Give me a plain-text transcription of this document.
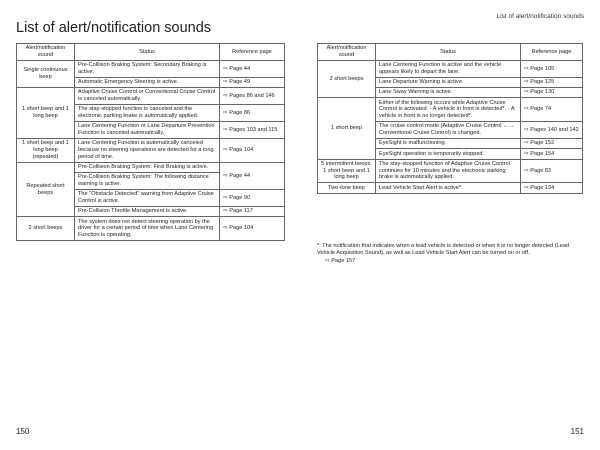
List of alert/notification sounds
List of alert/notification sounds
Alert/notification sound	Status	Reference page
Single continuous beep	Pre-Collision Braking System: Secondary Braking is active.	⇨ Page 44
	Automatic Emergency Steering is active.	⇨ Page 49
1 short beep and 1 long beep	Adaptive Cruise Control or Conventional Cruise Control is canceled automatically.	⇨ Pages 86 and 146
	The stay-stopped function is canceled and the electronic parking brake is automatically applied.	⇨ Page 86
	Lane Centering Function or Lane Departure Prevention Function is canceled automatically.	⇨ Pages 103 and 115
1 short beep and 1 long beep (repeated)	Lane Centering Function is automatically canceled because no steering operations are detected for a long period of time.	⇨ Page 104
Repeated short beeps	Pre-Collision Braking System: First Braking is active.	⇨ Page 44
	Pre-Collision Braking System: The following distance warning is active.	
	The "Obstacle Detected" warning from Adaptive Cruise Control is active.	⇨ Page 90
	Pre-Collision Throttle Management is active.	⇨ Page 117
2 short beeps	The system does not detect steering operation by the driver for a certain period of time when Lane Centering Function is operating.	⇨ Page 104
Alert/notification sound	Status	Reference page
3 short beeps	Lane Centering Function is active and the vehicle appears likely to depart the lane.	⇨ Page 105
	Lane Departure Warning is active.	⇨ Page 125
	Lane Sway Warning is active.	⇨ Page 130
1 short beep	Either of the following occurs while Adaptive Cruise Control is activated. - A vehicle in front is detected*. - A vehicle in front is no longer detected*.	⇨ Page 74
	The cruise control mode (Adaptive Cruise Control ←→ Conventional Cruise Control) is changed.	⇨ Pages 140 and 142
	EyeSight is malfunctioning.	⇨ Page 152
	EyeSight operation is temporarily stopped.	⇨ Page 154
5 intermittent beeps, 1 short beep and 1 long beep	The stay-stopped function of Adaptive Cruise Control continues for 10 minutes and the electronic parking brake is automatically applied.	⇨ Page 83
Two-tone beep	Lead Vehicle Start Alert is active*.	⇨ Page 134
*: The notification that indicates when a lead vehicle is detected or when it is no longer detected (Lead Vehicle Acquisition Sound), as well as Lead Vehicle Start Alert can be turned on or off.
⇨ Page 157
150	151
